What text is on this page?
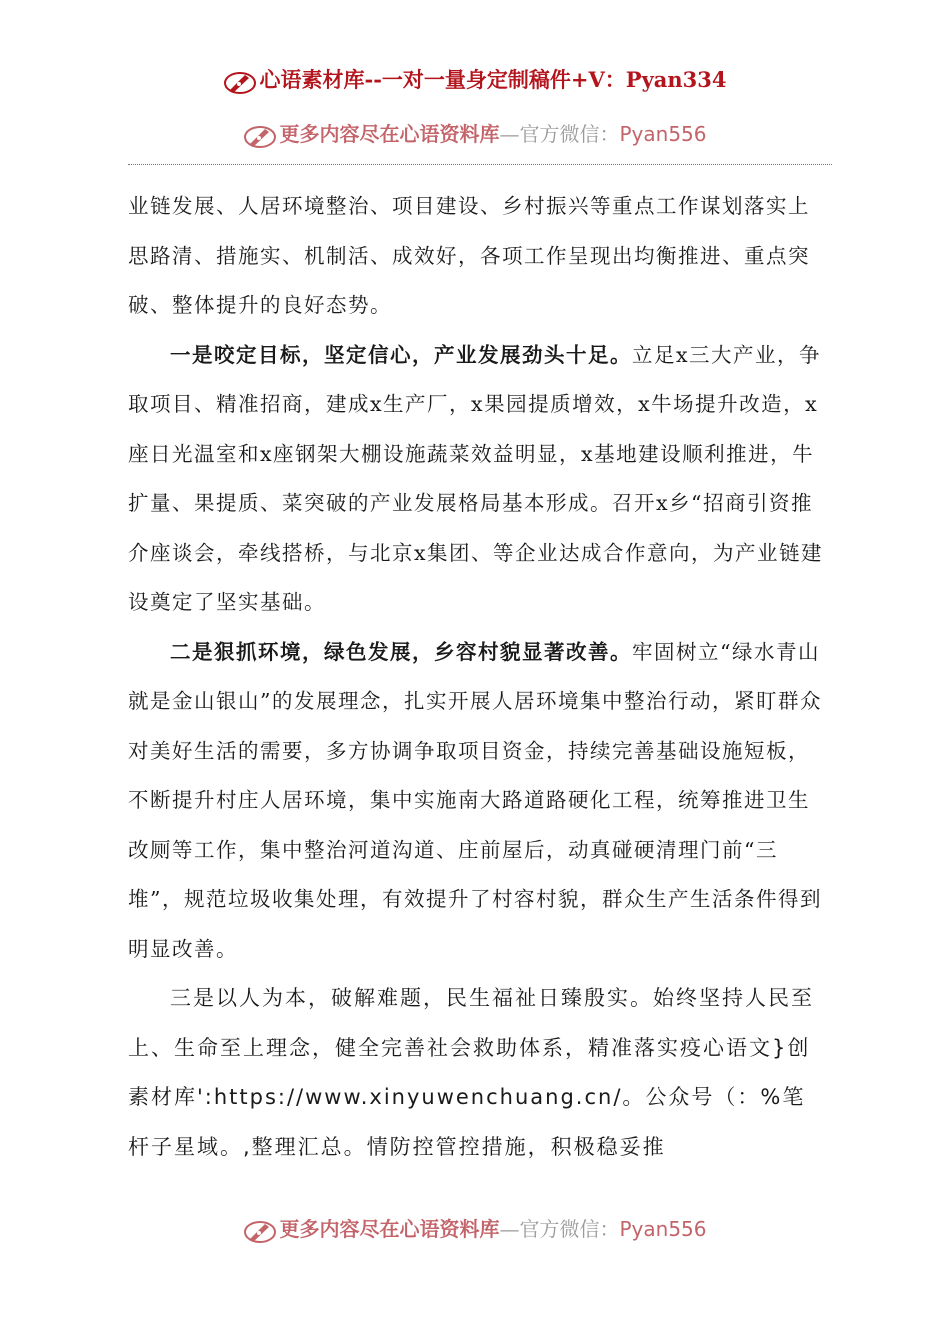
心语素材库--一对一量身定制稿件+V：Pyan334
更多内容尽在心语资料库—官方微信：Pyan556

业链发展、人居环境整治、项目建设、乡村振兴等重点工作谋划落实上思路清、措施实、机制活、成效好，各项工作呈现出均衡推进、重点突破、整体提升的良好态势。

一是咬定目标，坚定信心，产业发展劲头十足。立足x三大产业，争取项目、精准招商，建成x生产厂，x果园提质增效，x牛场提升改造，x座日光温室和x座钢架大棚设施蔬菜效益明显，x基地建设顺利推进，牛扩量、果提质、菜突破的产业发展格局基本形成。召开x乡“招商引资推介座谈会，牵线搭桥，与北京x集团、等企业达成合作意向，为产业链建设奠定了坚实基础。

二是狠抓环境，绿色发展，乡容村貌显著改善。牢固树立“绿水青山就是金山银山”的发展理念，扎实开展人居环境集中整治行动，紧盯群众对美好生活的需要，多方协调争取项目资金，持续完善基础设施短板，不断提升村庄人居环境，集中实施南大路道路硬化工程，统筹推进卫生改厕等工作，集中整治河道沟道、庄前屋后，动真碰硬清理门前“三堆”，规范垃圾收集处理，有效提升了村容村貌，群众生产生活条件得到明显改善。

三是以人为本，破解难题，民生福祉日臻殷实。始终坚持人民至上、生命至上理念，健全完善社会救助体系，精准落实疫心语文}创素材库':https://www.xinyuwenchuang.cn/。公众号（：%笔杆子星域。,整理汇总。情防控管控措施，积极稳妥推

更多内容尽在心语资料库—官方微信：Pyan556
